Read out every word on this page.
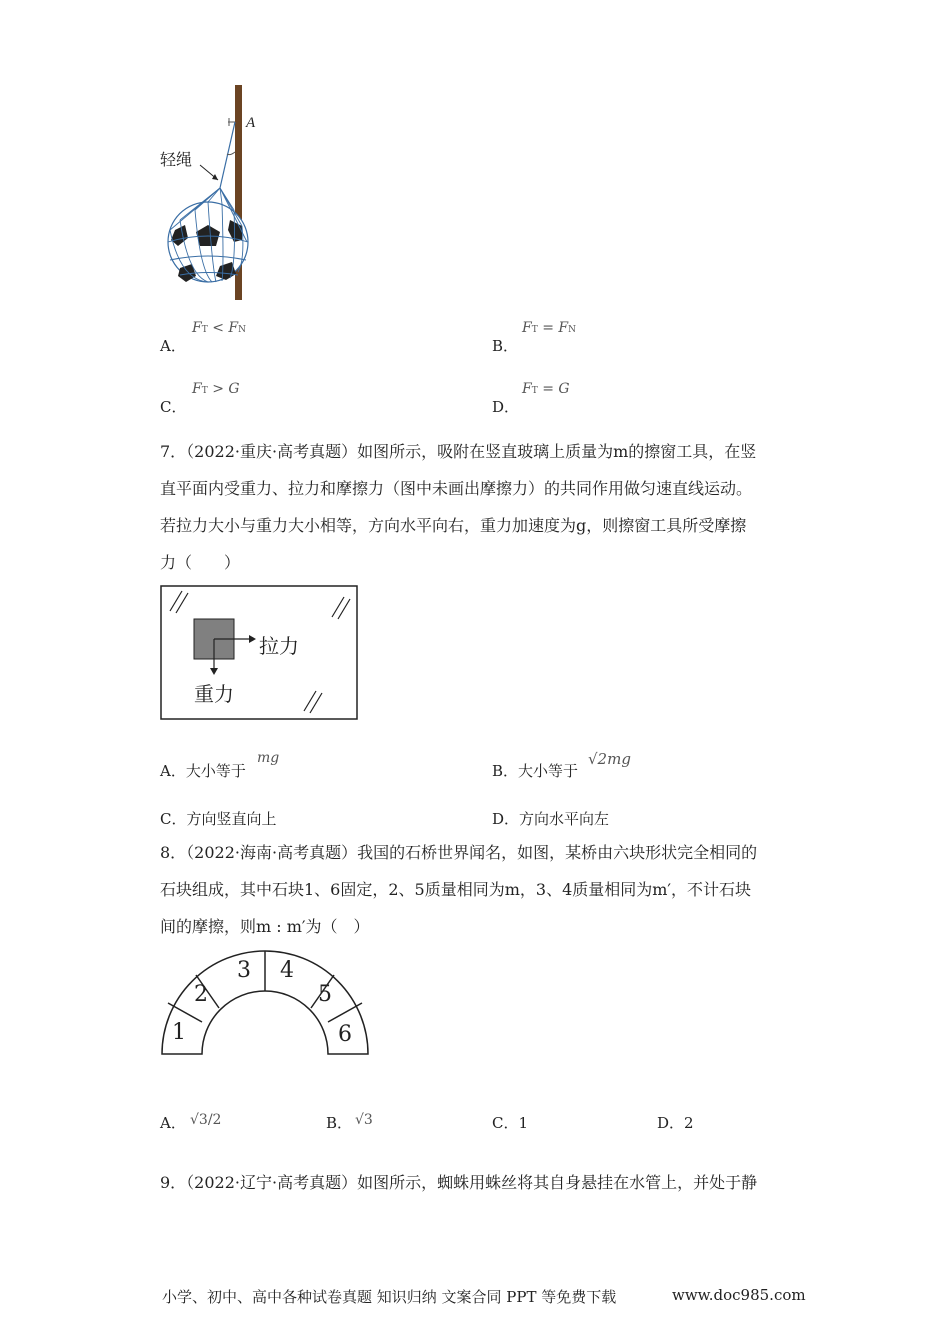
A
轻绳
A．
FT < FN
B．
FT = FN
C．
FT > G
D．
FT = G

7．（2022·重庆·高考真题）如图所示，吸附在竖直玻璃上质量为m的擦窗工具，在竖

直平面内受重力、拉力和摩擦力（图中未画出摩擦力）的共同作用做匀速直线运动。

若拉力大小与重力大小相等，方向水平向右，重力加速度为g，则擦窗工具所受摩擦

力（　　）

拉力
重力
A．大小等于
mg
B．大小等于
√2mg
C．方向竖直向上	D．方向水平向左

8．（2022·海南·高考真题）我国的石桥世界闻名，如图，某桥由六块形状完全相同的

石块组成，其中石块1、6固定，2、5质量相同为m，3、4质量相同为m′，不计石块

间的摩擦，则m : m′为（　）

1
2
3 4
5
6
A． √3/2	B． √3	C．1	D．2

9．（2022·辽宁·高考真题）如图所示，蜘蛛用蛛丝将其自身悬挂在水管上，并处于静

小学、初中、高中各种试卷真题 知识归纳 文案合同 PPT 等免费下载	www.doc985.com
